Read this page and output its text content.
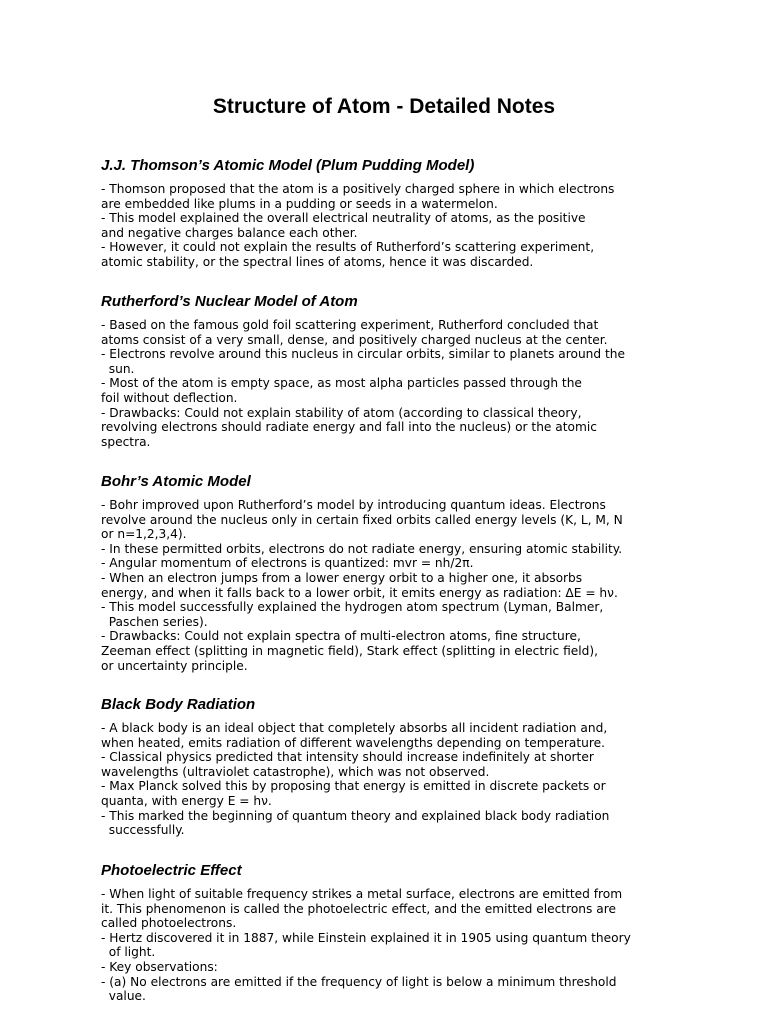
Structure of Atom - Detailed Notes
J.J. Thomson’s Atomic Model (Plum Pudding Model)
- Thomson proposed that the atom is a positively charged sphere in which electrons
are embedded like plums in a pudding or seeds in a watermelon.
- This model explained the overall electrical neutrality of atoms, as the positive
and negative charges balance each other.
- However, it could not explain the results of Rutherford’s scattering experiment,
atomic stability, or the spectral lines of atoms, hence it was discarded.
Rutherford’s Nuclear Model of Atom
- Based on the famous gold foil scattering experiment, Rutherford concluded that
atoms consist of a very small, dense, and positively charged nucleus at the center.
- Electrons revolve around this nucleus in circular orbits, similar to planets around the
sun.
- Most of the atom is empty space, as most alpha particles passed through the
foil without deflection.
- Drawbacks: Could not explain stability of atom (according to classical theory,
revolving electrons should radiate energy and fall into the nucleus) or the atomic
spectra.
Bohr’s Atomic Model
- Bohr improved upon Rutherford’s model by introducing quantum ideas. Electrons
revolve around the nucleus only in certain fixed orbits called energy levels (K, L, M, N
or n=1,2,3,4).
- In these permitted orbits, electrons do not radiate energy, ensuring atomic stability.
- Angular momentum of electrons is quantized: mvr = nh/2π.
- When an electron jumps from a lower energy orbit to a higher one, it absorbs
energy, and when it falls back to a lower orbit, it emits energy as radiation: ΔE = hν.
- This model successfully explained the hydrogen atom spectrum (Lyman, Balmer,
Paschen series).
- Drawbacks: Could not explain spectra of multi-electron atoms, fine structure,
Zeeman effect (splitting in magnetic field), Stark effect (splitting in electric field),
or uncertainty principle.
Black Body Radiation
- A black body is an ideal object that completely absorbs all incident radiation and,
when heated, emits radiation of different wavelengths depending on temperature.
- Classical physics predicted that intensity should increase indefinitely at shorter
wavelengths (ultraviolet catastrophe), which was not observed.
- Max Planck solved this by proposing that energy is emitted in discrete packets or
quanta, with energy E = hν.
- This marked the beginning of quantum theory and explained black body radiation
successfully.
Photoelectric Effect
- When light of suitable frequency strikes a metal surface, electrons are emitted from
it. This phenomenon is called the photoelectric effect, and the emitted electrons are
called photoelectrons.
- Hertz discovered it in 1887, while Einstein explained it in 1905 using quantum theory
of light.
- Key observations:
- (a) No electrons are emitted if the frequency of light is below a minimum threshold
value.
